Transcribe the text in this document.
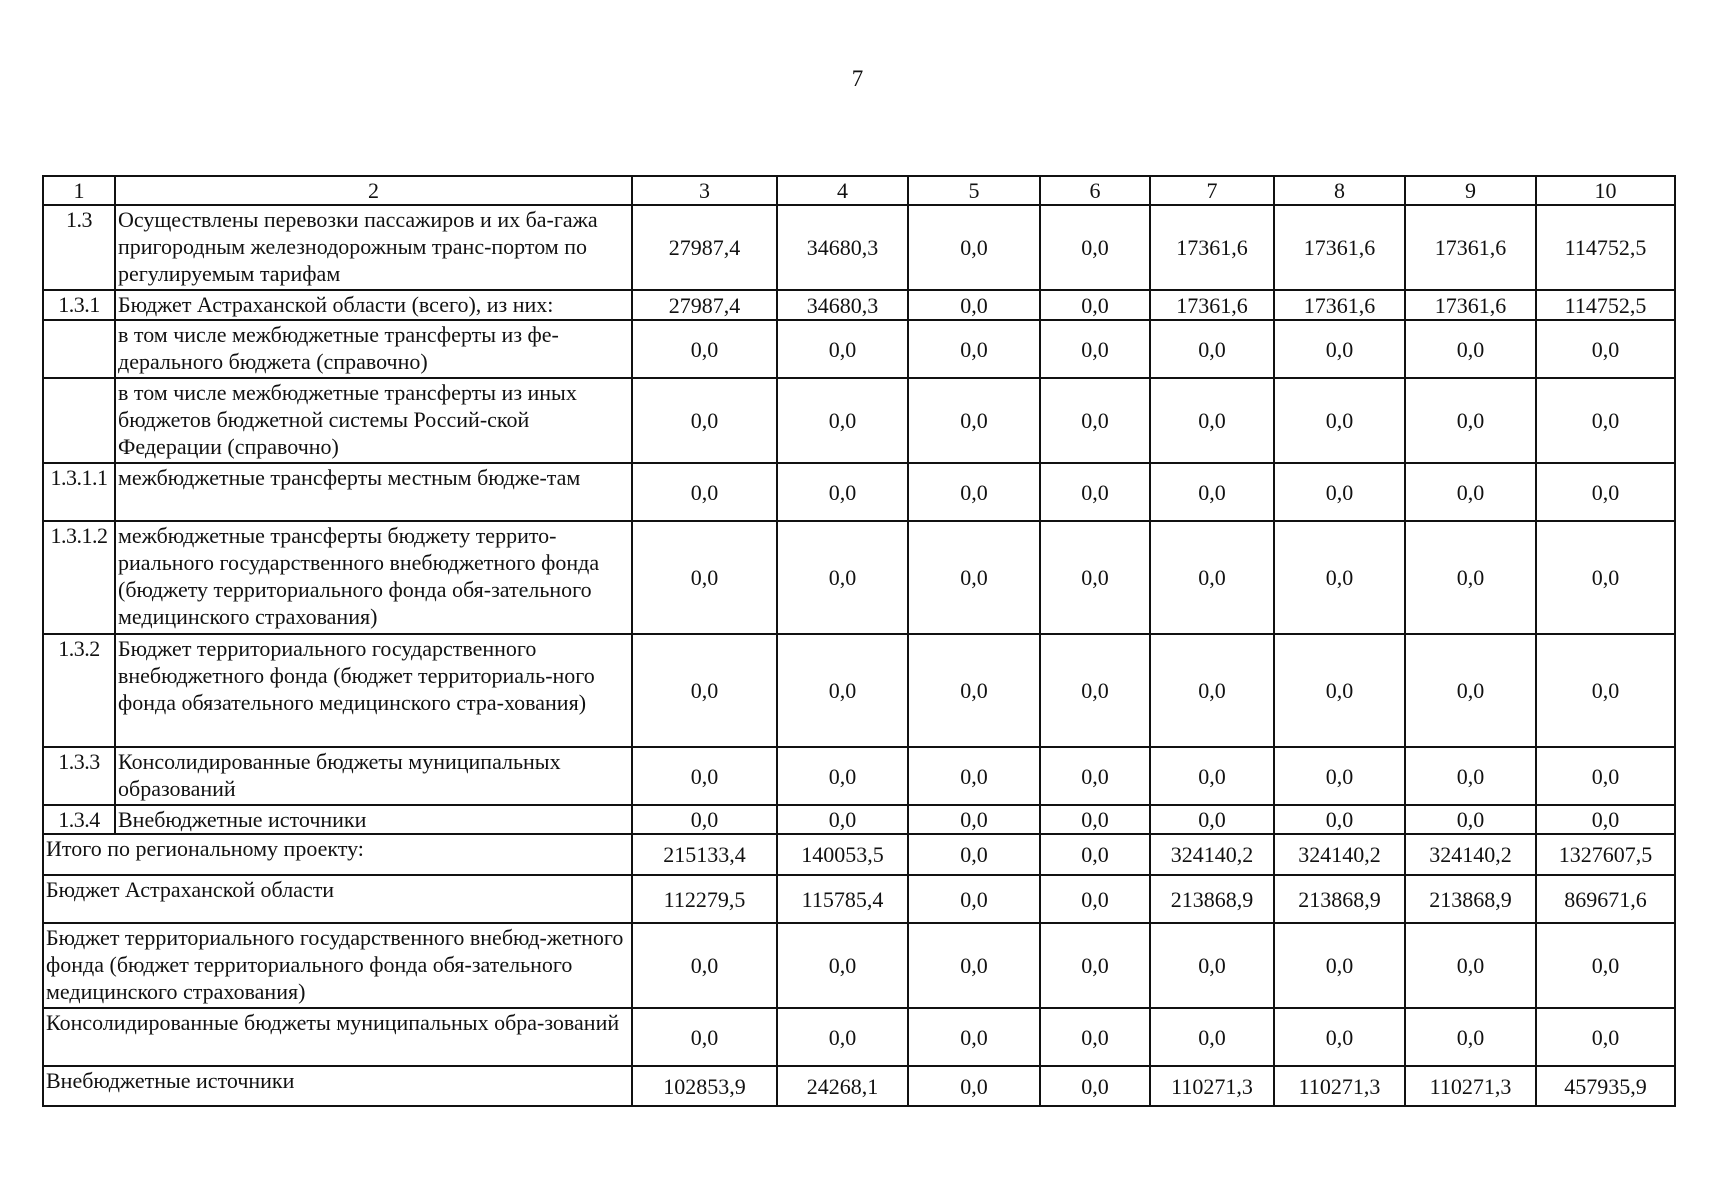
7
1	2	3	4	5	6	7	8	9	10
1.3	Осуществлены перевозки пассажиров и их ба-гажа пригородным железнодорожным транс-портом по регулируемым тарифам	27987,4	34680,3	0,0	0,0	17361,6	17361,6	17361,6	114752,5
1.3.1	Бюджет Астраханской области (всего), из них:	27987,4	34680,3	0,0	0,0	17361,6	17361,6	17361,6	114752,5
	в том числе межбюджетные трансферты из фе-дерального бюджета (справочно)	0,0	0,0	0,0	0,0	0,0	0,0	0,0	0,0
	в том числе межбюджетные трансферты из иных бюджетов бюджетной системы Россий-ской Федерации (справочно)	0,0	0,0	0,0	0,0	0,0	0,0	0,0	0,0
1.3.1.1	межбюджетные трансферты местным бюдже-там	0,0	0,0	0,0	0,0	0,0	0,0	0,0	0,0
1.3.1.2	межбюджетные трансферты бюджету террито-риального государственного внебюджетного фонда (бюджету территориального фонда обя-зательного медицинского страхования)	0,0	0,0	0,0	0,0	0,0	0,0	0,0	0,0
1.3.2	Бюджет территориального государственного внебюджетного фонда (бюджет территориаль-ного фонда обязательного медицинского стра-хования)	0,0	0,0	0,0	0,0	0,0	0,0	0,0	0,0
1.3.3	Консолидированные бюджеты муниципальных образований	0,0	0,0	0,0	0,0	0,0	0,0	0,0	0,0
1.3.4	Внебюджетные источники	0,0	0,0	0,0	0,0	0,0	0,0	0,0	0,0
Итого по региональному проекту:		215133,4	140053,5	0,0	0,0	324140,2	324140,2	324140,2	1327607,5
Бюджет Астраханской области		112279,5	115785,4	0,0	0,0	213868,9	213868,9	213868,9	869671,6
Бюджет территориального государственного внебюд-жетного фонда (бюджет территориального фонда обя-зательного медицинского страхования)		0,0	0,0	0,0	0,0	0,0	0,0	0,0	0,0
Консолидированные бюджеты муниципальных обра-зований		0,0	0,0	0,0	0,0	0,0	0,0	0,0	0,0
Внебюджетные источники		102853,9	24268,1	0,0	0,0	110271,3	110271,3	110271,3	457935,9
